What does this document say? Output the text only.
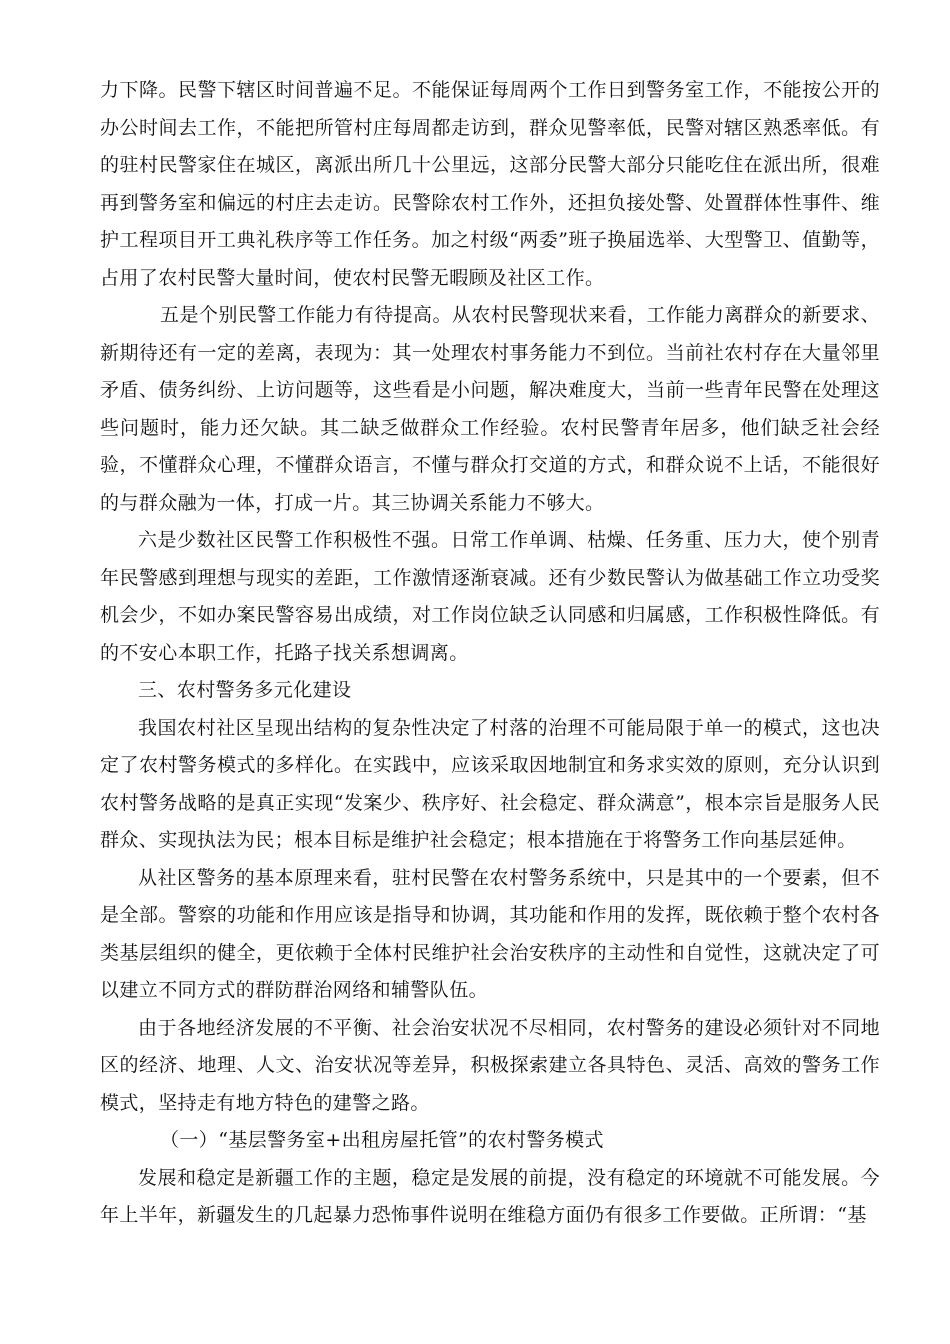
力下降。民警下辖区时间普遍不足。不能保证每周两个工作日到警务室工作，不能按公开的办公时间去工作，不能把所管村庄每周都走访到，群众见警率低，民警对辖区熟悉率低。有的驻村民警家住在城区，离派出所几十公里远，这部分民警大部分只能吃住在派出所，很难再到警务室和偏远的村庄去走访。民警除农村工作外，还担负接处警、处置群体性事件、维护工程项目开工典礼秩序等工作任务。加之村级“两委”班子换届选举、大型警卫、值勤等，占用了农村民警大量时间，使农村民警无暇顾及社区工作。

五是个别民警工作能力有待提高。从农村民警现状来看，工作能力离群众的新要求、新期待还有一定的差离，表现为：其一处理农村事务能力不到位。当前社农村存在大量邻里矛盾、债务纠纷、上访问题等，这些看是小问题，解决难度大，当前一些青年民警在处理这些问题时，能力还欠缺。其二缺乏做群众工作经验。农村民警青年居多，他们缺乏社会经验，不懂群众心理，不懂群众语言，不懂与群众打交道的方式，和群众说不上话，不能很好的与群众融为一体，打成一片。其三协调关系能力不够大。

六是少数社区民警工作积极性不强。日常工作单调、枯燥、任务重、压力大，使个别青年民警感到理想与现实的差距，工作激情逐渐衰减。还有少数民警认为做基础工作立功受奖机会少，不如办案民警容易出成绩，对工作岗位缺乏认同感和归属感，工作积极性降低。有的不安心本职工作，托路子找关系想调离。

三、农村警务多元化建设

我国农村社区呈现出结构的复杂性决定了村落的治理不可能局限于单一的模式，这也决定了农村警务模式的多样化。在实践中，应该采取因地制宜和务求实效的原则，充分认识到农村警务战略的是真正实现“发案少、秩序好、社会稳定、群众满意”，根本宗旨是服务人民群众、实现执法为民；根本目标是维护社会稳定；根本措施在于将警务工作向基层延伸。

从社区警务的基本原理来看，驻村民警在农村警务系统中，只是其中的一个要素，但不是全部。警察的功能和作用应该是指导和协调，其功能和作用的发挥，既依赖于整个农村各类基层组织的健全，更依赖于全体村民维护社会治安秩序的主动性和自觉性，这就决定了可以建立不同方式的群防群治网络和辅警队伍。

由于各地经济发展的不平衡、社会治安状况不尽相同，农村警务的建设必须针对不同地区的经济、地理、人文、治安状况等差异，积极探索建立各具特色、灵活、高效的警务工作模式，坚持走有地方特色的建警之路。

（一）“基层警务室+出租房屋托管”的农村警务模式

发展和稳定是新疆工作的主题，稳定是发展的前提，没有稳定的环境就不可能发展。今年上半年，新疆发生的几起暴力恐怖事件说明在维稳方面仍有很多工作要做。正所谓：“基
